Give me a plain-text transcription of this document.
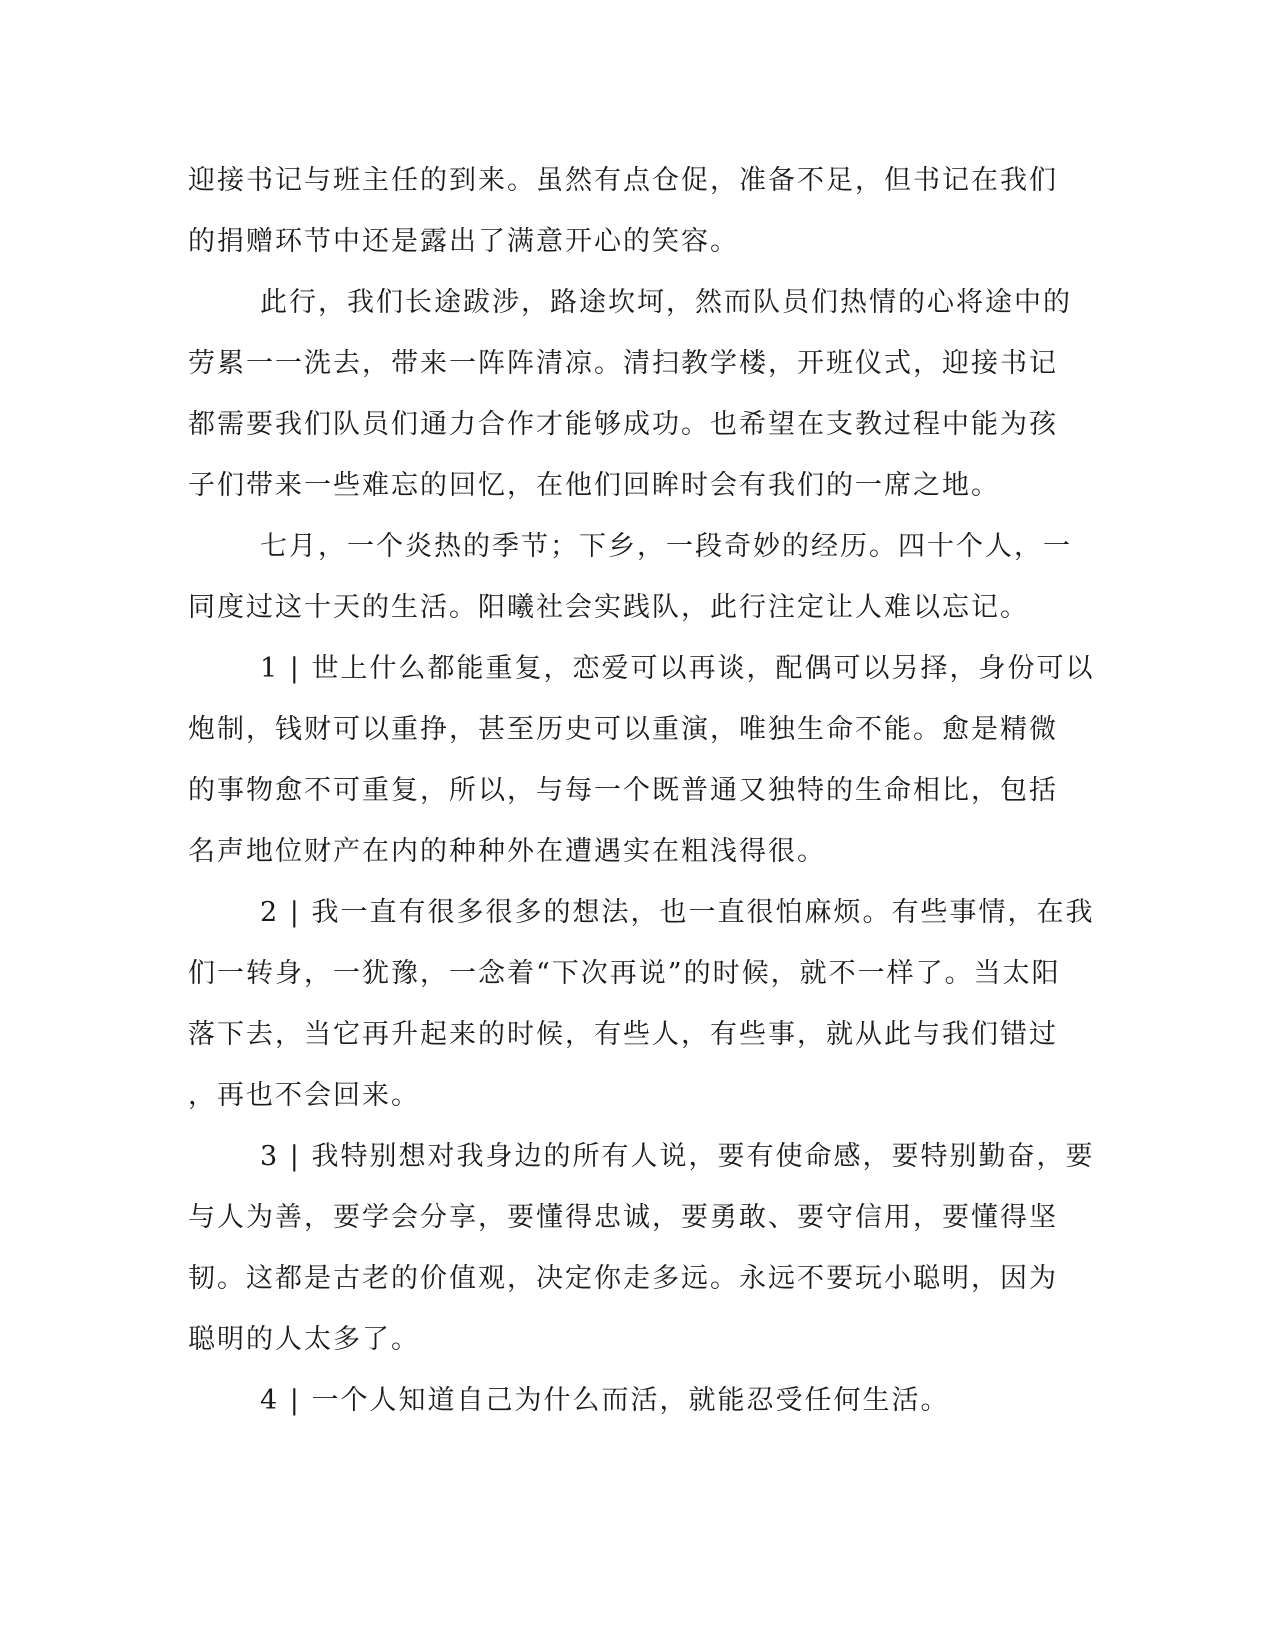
迎接书记与班主任的到来。虽然有点仓促，准备不足，但书记在我们
的捐赠环节中还是露出了满意开心的笑容。
此行，我们长途跋涉，路途坎坷，然而队员们热情的心将途中的
劳累一一洗去，带来一阵阵清凉。清扫教学楼，开班仪式，迎接书记
都需要我们队员们通力合作才能够成功。也希望在支教过程中能为孩
子们带来一些难忘的回忆，在他们回眸时会有我们的一席之地。
七月，一个炎热的季节；下乡，一段奇妙的经历。四十个人，一
同度过这十天的生活。阳曦社会实践队，此行注定让人难以忘记。
1 | 世上什么都能重复，恋爱可以再谈，配偶可以另择，身份可以
炮制，钱财可以重挣，甚至历史可以重演，唯独生命不能。愈是精微
的事物愈不可重复，所以，与每一个既普通又独特的生命相比，包括
名声地位财产在内的种种外在遭遇实在粗浅得很。
2 | 我一直有很多很多的想法，也一直很怕麻烦。有些事情，在我
们一转身，一犹豫，一念着“下次再说”的时候，就不一样了。当太阳
落下去，当它再升起来的时候，有些人，有些事，就从此与我们错过
，再也不会回来。
3 | 我特别想对我身边的所有人说，要有使命感，要特别勤奋，要
与人为善，要学会分享，要懂得忠诚，要勇敢、要守信用，要懂得坚
韧。这都是古老的价值观，决定你走多远。永远不要玩小聪明，因为
聪明的人太多了。
4 | 一个人知道自己为什么而活，就能忍受任何生活。
